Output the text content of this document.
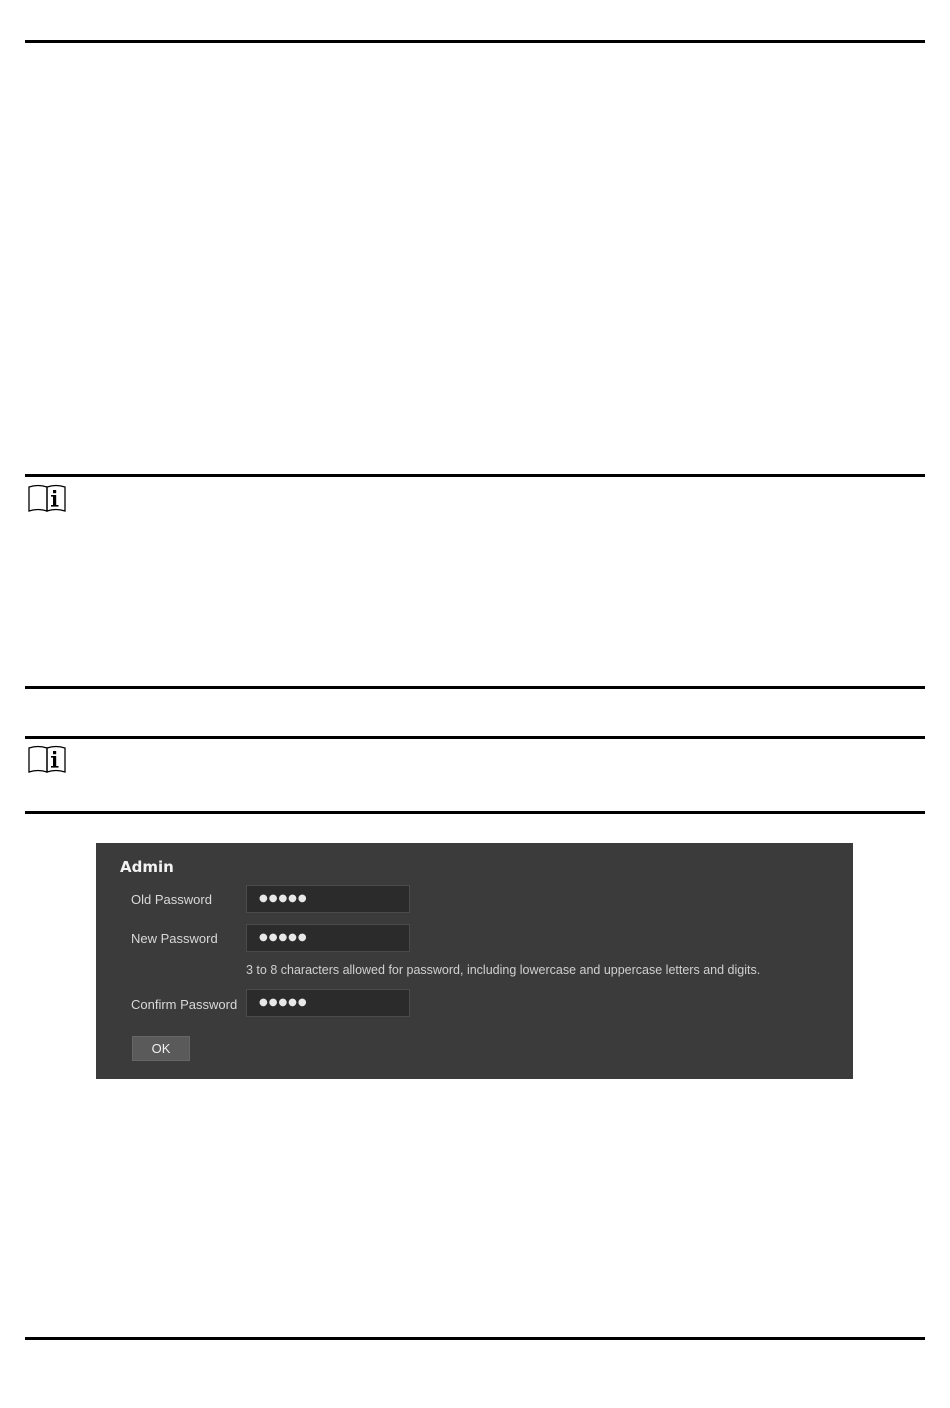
Admin
Old Password	●●●●●
New Password	●●●●●
3 to 8 characters allowed for password, including lowercase and uppercase letters and digits.
Confirm Password	●●●●●
OK
